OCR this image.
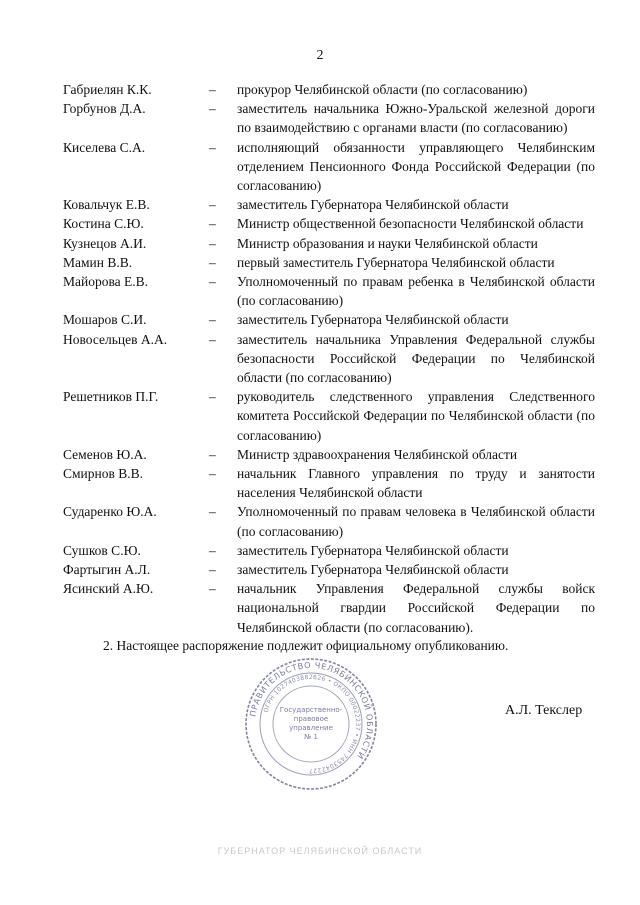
2
Габриелян К.К.	–	прокурор Челябинской области (по согласованию)
Горбунов Д.А.	–	заместитель начальника Южно-Уральской железной дороги по взаимодействию с органами власти (по согласованию)
Киселева С.А.	–	исполняющий обязанности управляющего Челябинским отделением Пенсионного Фонда Российской Федерации (по согласованию)
Ковальчук Е.В.	–	заместитель Губернатора Челябинской области
Костина С.Ю.	–	Министр общественной безопасности Челябинской области
Кузнецов А.И.	–	Министр образования и науки Челябинской области
Мамин В.В.	–	первый заместитель Губернатора Челябинской области
Майорова Е.В.	–	Уполномоченный по правам ребенка в Челябинской области (по согласованию)
Мошаров С.И.	–	заместитель Губернатора Челябинской области
Новосельцев А.А.	–	заместитель начальника Управления Федеральной службы безопасности Российской Федерации по Челябинской области (по согласованию)
Решетников П.Г.	–	руководитель следственного управления Следственного комитета Российской Федерации по Челябинской области (по согласованию)
Семенов Ю.А.	–	Министр здравоохранения Челябинской области
Смирнов В.В.	–	начальник Главного управления по труду и занятости населения Челябинской области
Сударенко Ю.А.	–	Уполномоченный по правам человека в Челябинской области (по согласованию)
Сушков С.Ю.	–	заместитель Губернатора Челябинской области
Фартыгин А.Л.	–	заместитель Губернатора Челябинской области
Ясинский А.Ю.	–	начальник Управления Федеральной службы войск национальной гвардии Российской Федерации по Челябинской области (по согласованию).
2. Настоящее распоряжение подлежит официальному опубликованию.
ПРАВИТЕЛЬСТВО ЧЕЛЯБИНСКОЙ ОБЛАСТИ
ОГРН 1027403882626 • ОКПО 00022237 • ИНН 7453042227
Государственно-правовое управление № 1
А.Л. Текслер
ГУБЕРНАТОР ЧЕЛЯБИНСКОЙ ОБЛАСТИ
